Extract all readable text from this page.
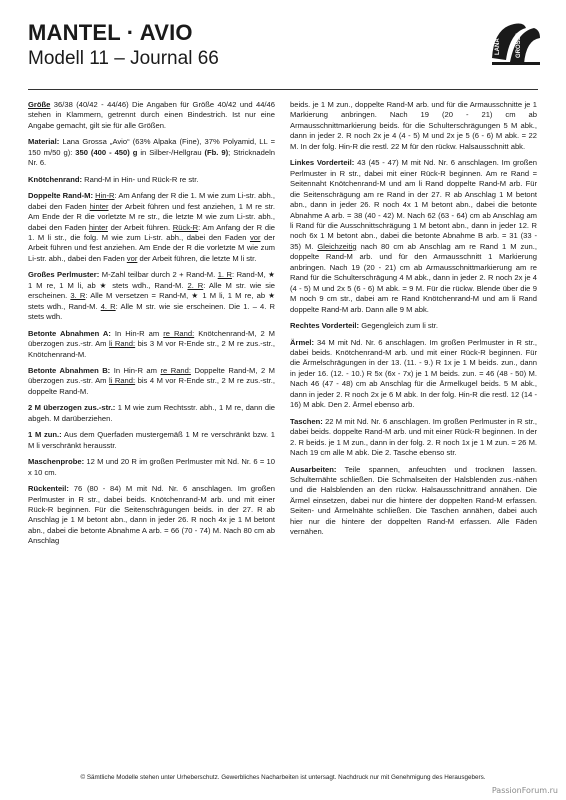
MANTEL · AVIO
Modell 11 – Journal 66
LANA	GROSSA

Größe 36/38 (40/42 - 44/46) Die Angaben für Größe 40/42 und 44/46 stehen in Klammern, getrennt durch einen Bindestrich. Ist nur eine Angabe gemacht, gilt sie für alle Größen.

Material: Lana Grossa „Avio“ (63% Alpaka (Fine), 37% Polyamid, LL = 150 m/50 g): 350 (400 - 450) g in Silber-/Hellgrau (Fb. 9); Stricknadeln Nr. 6.

Knötchenrand: Rand-M in Hin- und Rück-R re str.

Doppelte Rand-M: Hin-R: Am Anfang der R die 1. M wie zum Li-str. abh., dabei den Faden hinter der Arbeit führen und fest anziehen, 1 M re str. Am Ende der R die vorletzte M re str., die letzte M wie zum Li-str. abh., dabei den Faden hinter der Arbeit führen. Rück-R: Am Anfang der R die 1. M li str., die folg. M wie zum Li-str. abh., dabei den Faden vor der Arbeit führen und fest anziehen. Am Ende der R die vorletzte M wie zum Li-str. abh., dabei den Faden vor der Arbeit führen, die letzte M li str.

Großes Perlmuster: M-Zahl teilbar durch 2 + Rand-M. 1. R: Rand-M, ★ 1 M re, 1 M li, ab ★ stets wdh., Rand-M. 2. R: Alle M str. wie sie erscheinen. 3. R: Alle M versetzen = Rand-M, ★ 1 M li, 1 M re, ab ★ stets wdh., Rand-M. 4. R: Alle M str. wie sie erscheinen. Die 1. – 4. R stets wdh.

Betonte Abnahmen A: In Hin-R am re Rand: Knötchenrand-M, 2 M überzogen zus.-str. Am li Rand: bis 3 M vor R-Ende str., 2 M re zus.-str., Knötchenrand-M.

Betonte Abnahmen B: In Hin-R am re Rand: Doppelte Rand-M, 2 M überzogen zus.-str. Am li Rand: bis 4 M vor R-Ende str., 2 M re zus.-str., doppelte Rand-M.

2 M überzogen zus.-str.: 1 M wie zum Rechtsstr. abh., 1 M re, dann die abgeh. M darüberziehen.

1 M zun.: Aus dem Querfaden mustergemäß 1 M re verschränkt bzw. 1 M li verschränkt herausstr.

Maschenprobe: 12 M und 20 R im großen Perlmuster mit Nd. Nr. 6 = 10 x 10 cm.

Rückenteil: 76 (80 - 84) M mit Nd. Nr. 6 anschlagen. Im großen Perlmuster in R str., dabei beids. Knötchenrand-M arb. und mit einer Rück-R beginnen. Für die Seitenschrägungen beids. in der 27. R ab Anschlag je 1 M betont abn., dann in jeder 26. R noch 4x je 1 M betont abn., dabei die betonte Abnahme A arb. = 66 (70 - 74) M. Nach 80 cm ab Anschlag

beids. je 1 M zun., doppelte Rand-M arb. und für die Armausschnitte je 1 Markierung anbringen. Nach 19 (20 - 21) cm ab Armausschnittmarkierung beids. für die Schulterschrägungen 5 M abk., dann in jeder 2. R noch 2x je 4 (4 - 5) M und 2x je 5 (6 - 6) M abk. = 22 M. In der folg. Hin-R die restl. 22 M für den rückw. Halsausschnitt abk.

Linkes Vorderteil: 43 (45 - 47) M mit Nd. Nr. 6 anschlagen. Im großen Perlmuster in R str., dabei mit einer Rück-R beginnen. Am re Rand = Seitennaht Knötchenrand-M und am li Rand doppelte Rand-M arb. Für die Seitenschrägung am re Rand in der 27. R ab Anschlag 1 M betont abn., dann in jeder 26. R noch 4x 1 M betont abn., dabei die betonte Abnahme A arb. = 38 (40 - 42) M. Nach 62 (63 - 64) cm ab Anschlag am li Rand für die Ausschnittschrägung 1 M betont abn., dann in jeder 12. R noch 6x 1 M betont abn., dabei die betonte Abnahme B arb. = 31 (33 - 35) M. Gleichzeitig nach 80 cm ab Anschlag am re Rand 1 M zun., doppelte Rand-M arb. und für den Armausschnitt 1 Markierung anbringen. Nach 19 (20 - 21) cm ab Armausschnittmarkierung am re Rand für die Schulterschrägung 4 M abk., dann in jeder 2. R noch 2x je 4 (4 - 5) M und 2x 5 (6 - 6) M abk. = 9 M. Für die rückw. Blende über die 9 M noch 9 cm str., dabei am re Rand Knötchenrand-M und am li Rand doppelte Rand-M arb. Dann alle 9 M abk.

Rechtes Vorderteil: Gegengleich zum li str.

Ärmel: 34 M mit Nd. Nr. 6 anschlagen. Im großen Perlmuster in R str., dabei beids. Knötchenrand-M arb. und mit einer Rück-R beginnen. Für die Ärmelschrägungen in der 13. (11. - 9.) R 1x je 1 M beids. zun., dann in jeder 16. (12. - 10.) R 5x (6x - 7x) je 1 M beids. zun. = 46 (48 - 50) M. Nach 46 (47 - 48) cm ab Anschlag für die Ärmelkugel beids. 5 M abk., dann in jeder 2. R noch 2x je 6 M abk. In der folg. Hin-R die restl. 12 (14 - 16) M abk. Den 2. Ärmel ebenso arb.

Taschen: 22 M mit Nd. Nr. 6 anschlagen. Im großen Perlmuster in R str., dabei beids. doppelte Rand-M arb. und mit einer Rück-R beginnen. In der 2. R beids. je 1 M zun., dann in der folg. 2. R noch 1x je 1 M zun. = 26 M. Nach 19 cm alle M abk. Die 2. Tasche ebenso str.

Ausarbeiten: Teile spannen, anfeuchten und trocknen lassen. Schulternähte schließen. Die Schmalseiten der Halsblenden zus.-nähen und die Halsblenden an den rückw. Halsausschnittrand annähen. Die Ärmel einsetzen, dabei nur die hintere der doppelten Rand-M erfassen. Seiten- und Ärmelnähte schließen. Die Taschen annähen, dabei auch hier nur die hintere der doppelten Rand-M erfassen. Alle Fäden vernähen.

© Sämtliche Modelle stehen unter Urheberschutz. Gewerbliches Nacharbeiten ist untersagt. Nachdruck nur mit Genehmigung des Herausgebers.
PassionForum.ru
